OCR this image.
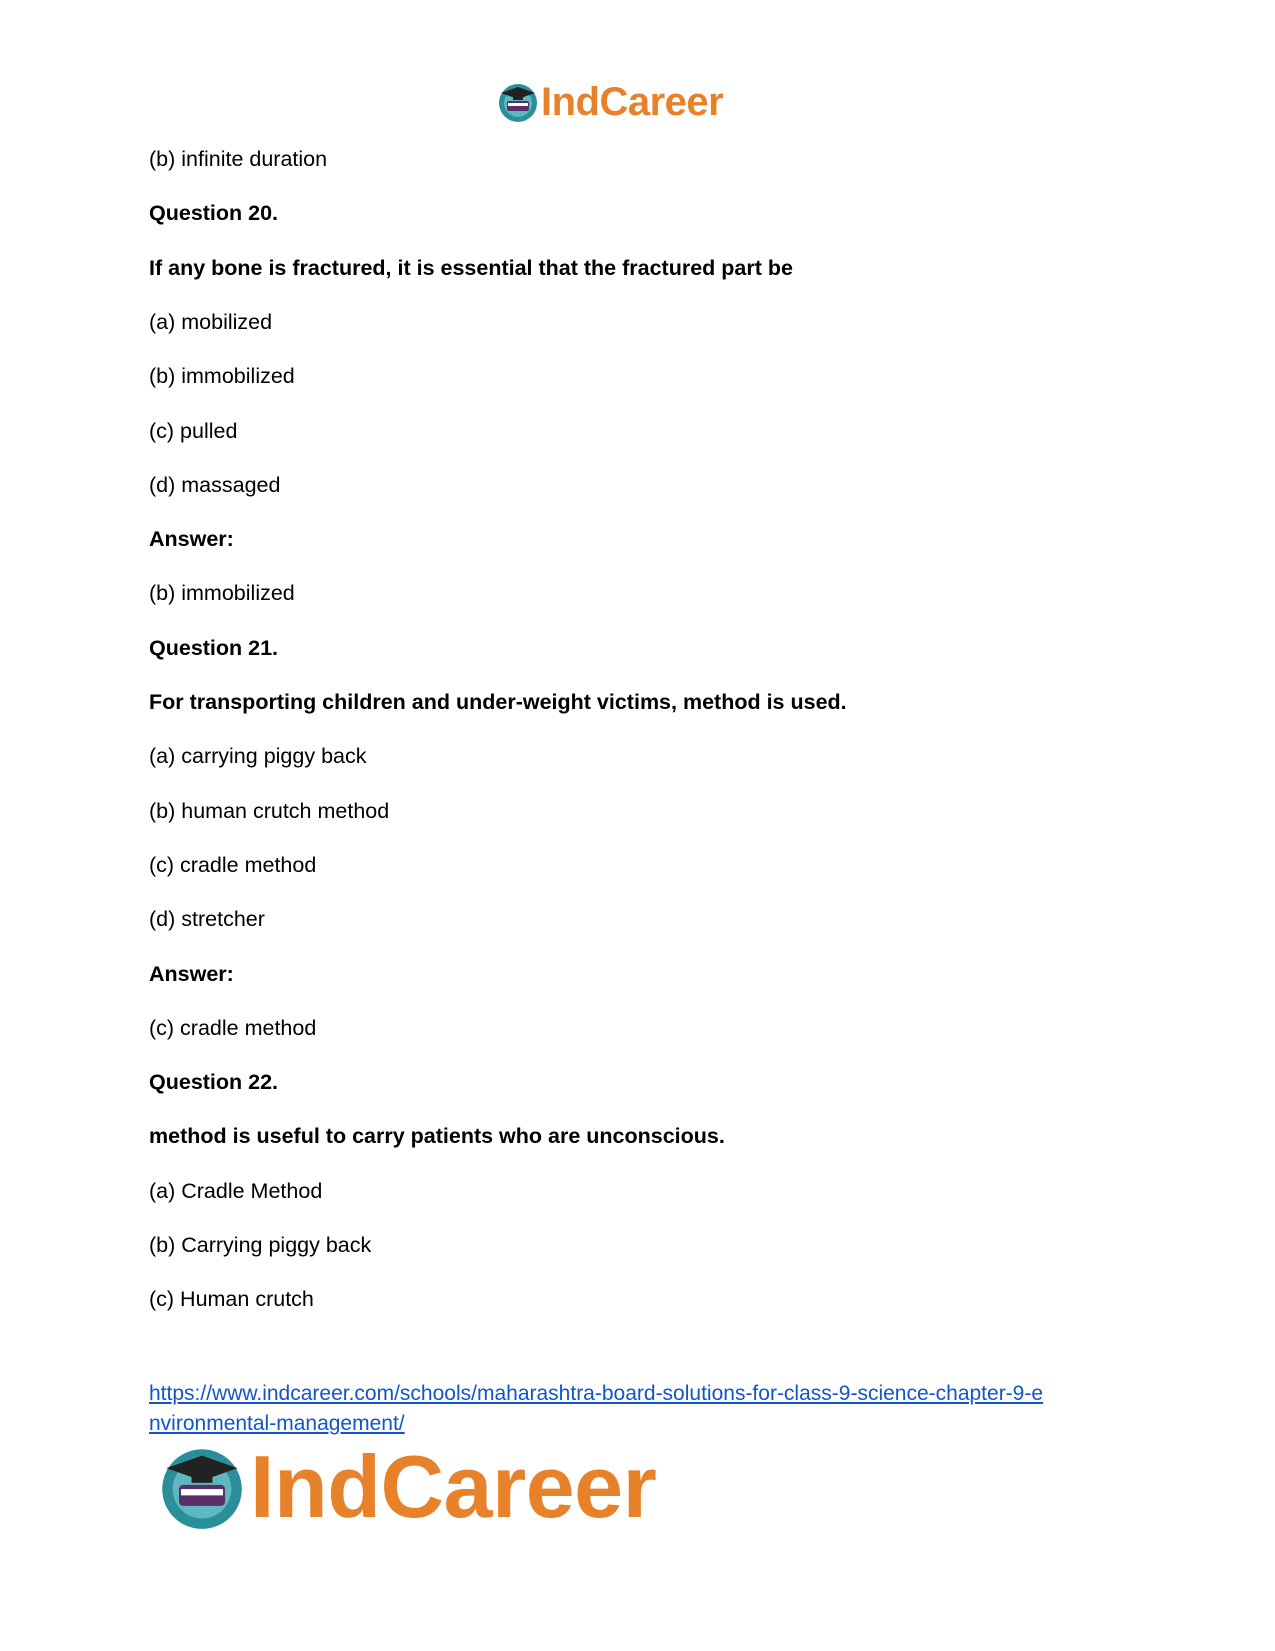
IndCareer
(b) infinite duration
Question 20.
If any bone is fractured, it is essential that the fractured part be
(a) mobilized
(b) immobilized
(c) pulled
(d) massaged
Answer:
(b) immobilized
Question 21.
For transporting children and under-weight victims, method is used.
(a) carrying piggy back
(b) human crutch method
(c) cradle method
(d) stretcher
Answer:
(c) cradle method
Question 22.
method is useful to carry patients who are unconscious.
(a) Cradle Method
(b) Carrying piggy back
(c) Human crutch
https://www.indcareer.com/schools/maharashtra-board-solutions-for-class-9-science-chapter-9-e
nvironmental-management/
IndCareer
